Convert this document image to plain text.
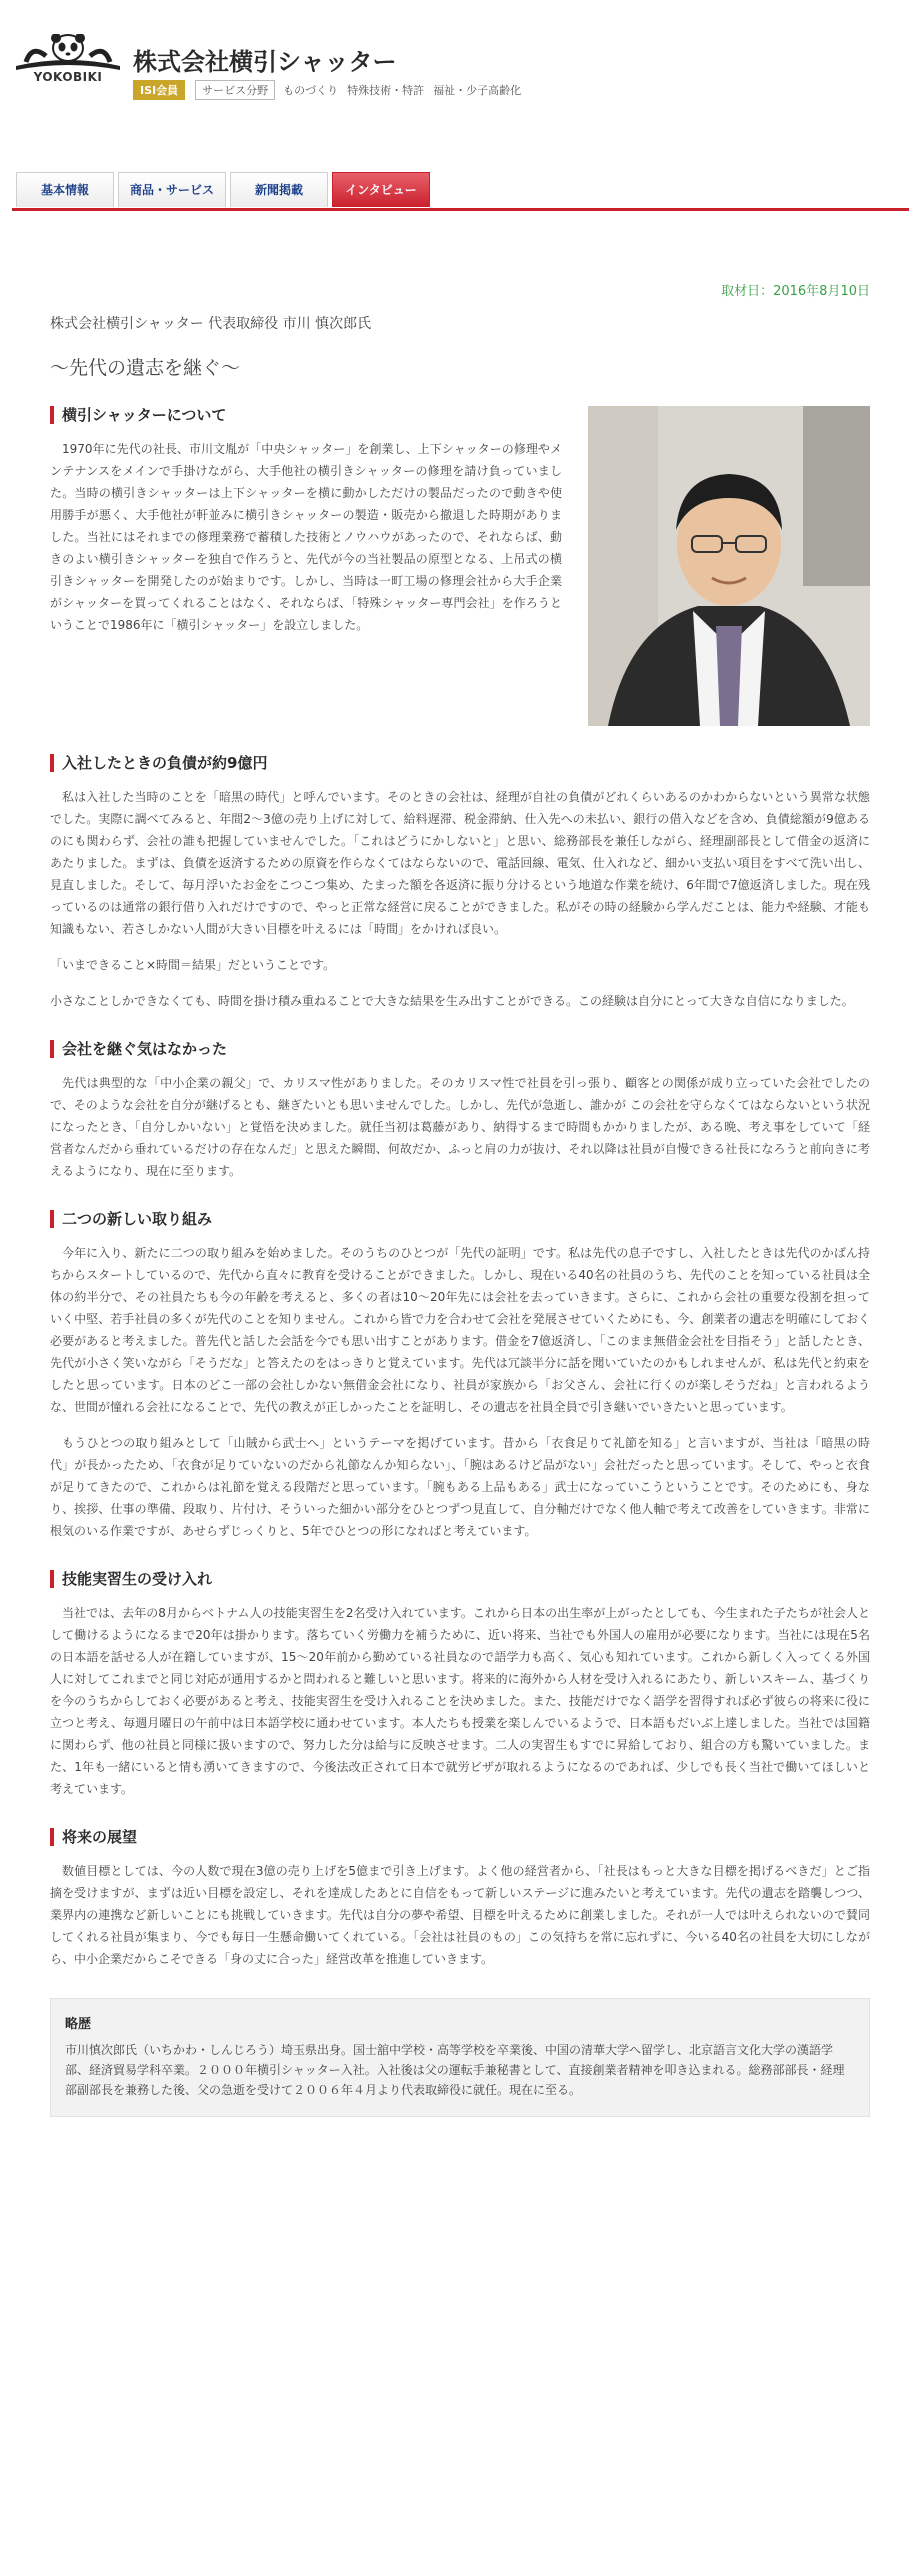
YOKOBIKI
株式会社横引シャッター
ISI会員	サービス分野	ものづくり 特殊技術・特許 福祉・少子高齢化
基本情報	商品・サービス	新聞掲載	インタビュー
取材日：2016年8月10日
株式会社横引シャッター 代表取締役 市川 慎次郎氏
～先代の遺志を継ぐ～
横引シャッターについて

1970年に先代の社長、市川文胤が「中央シャッター」を創業し、上下シャッターの修理やメンテナンスをメインで手掛けながら、大手他社の横引きシャッターの修理を請け負っていました。当時の横引きシャッターは上下シャッターを横に動かしただけの製品だったので動きや使用勝手が悪く、大手他社が軒並みに横引きシャッターの製造・販売から撤退した時期がありました。当社にはそれまでの修理業務で蓄積した技術とノウハウがあったので、それならば、動きのよい横引きシャッターを独自で作ろうと、先代が今の当社製品の原型となる、上吊式の横引きシャッターを開発したのが始まりです。しかし、当時は一町工場の修理会社から大手企業がシャッターを買ってくれることはなく、それならば、「特殊シャッター専門会社」を作ろうということで1986年に「横引シャッター」を設立しました。

入社したときの負債が約9億円

私は入社した当時のことを「暗黒の時代」と呼んでいます。そのときの会社は、経理が自社の負債がどれくらいあるのかわからないという異常な状態でした。実際に調べてみると、年間2～3億の売り上げに対して、給料遅滞、税金滞納、仕入先への未払い、銀行の借入などを含め、負債総額が9億あるのにも関わらず、会社の誰も把握していませんでした。「これはどうにかしないと」と思い、総務部長を兼任しながら、経理副部長として借金の返済にあたりました。まずは、負債を返済するための原資を作らなくてはならないので、電話回線、電気、仕入れなど、細かい支払い項目をすべて洗い出し、見直しました。そして、毎月浮いたお金をこつこつ集め、たまった額を各返済に振り分けるという地道な作業を続け、6年間で7億返済しました。現在残っているのは通常の銀行借り入れだけですので、やっと正常な経営に戻ることができました。私がその時の経験から学んだことは、能力や経験、才能も知識もない、若さしかない人間が大きい目標を叶えるには「時間」をかければ良い。

「いまできること×時間＝結果」だということです。

小さなことしかできなくても、時間を掛け積み重ねることで大きな結果を生み出すことができる。この経験は自分にとって大きな自信になりました。

会社を継ぐ気はなかった

先代は典型的な「中小企業の親父」で、カリスマ性がありました。そのカリスマ性で社員を引っ張り、顧客との関係が成り立っていた会社でしたので、そのような会社を自分が継げるとも、継ぎたいとも思いませんでした。しかし、先代が急逝し、誰かが この会社を守らなくてはならないという状況になったとき、「自分しかいない」と覚悟を決めました。就任当初は葛藤があり、納得するまで時間もかかりましたが、ある晩、考え事をしていて「経営者なんだから垂れているだけの存在なんだ」と思えた瞬間、何故だか、ふっと肩の力が抜け、それ以降は社員が自慢できる社長になろうと前向きに考えるようになり、現在に至ります。

二つの新しい取り組み

今年に入り、新たに二つの取り組みを始めました。そのうちのひとつが「先代の証明」です。私は先代の息子ですし、入社したときは先代のかばん持ちからスタートしているので、先代から直々に教育を受けることができました。しかし、現在いる40名の社員のうち、先代のことを知っている社員は全体の約半分で、その社員たちも今の年齢を考えると、多くの者は10～20年先には会社を去っていきます。さらに、これから会社の重要な役割を担っていく中堅、若手社員の多くが先代のことを知りません。これから皆で力を合わせて会社を発展させていくためにも、今、創業者の遺志を明確にしておく必要があると考えました。普先代と話した会話を今でも思い出すことがあります。借金を7億返済し、「このまま無借金会社を目指そう」と話したとき、先代が小さく笑いながら「そうだな」と答えたのをはっきりと覚えています。先代は冗談半分に話を聞いていたのかもしれませんが、私は先代と約束をしたと思っています。日本のどこ一部の会社しかない無借金会社になり、社員が家族から「お父さん、会社に行くのが楽しそうだね」と言われるような、世間が憧れる会社になることで、先代の教えが正しかったことを証明し、その遺志を社員全員で引き継いでいきたいと思っています。

もうひとつの取り組みとして「山賊から武士へ」というテーマを掲げています。昔から「衣食足りて礼節を知る」と言いますが、当社は「暗黒の時代」が長かったため、「衣食が足りていないのだから礼節なんか知らない」、「腕はあるけど品がない」会社だったと思っています。そして、やっと衣食が足りてきたので、これからは礼節を覚える段階だと思っています。「腕もある上品もある」武士になっていこうということです。そのためにも、身なり、挨拶、仕事の準備、段取り、片付け、そういった細かい部分をひとつずつ見直して、自分軸だけでなく他人軸で考えて改善をしていきます。非常に根気のいる作業ですが、あせらずじっくりと、5年でひとつの形になればと考えています。

技能実習生の受け入れ

当社では、去年の8月からベトナム人の技能実習生を2名受け入れています。これから日本の出生率が上がったとしても、今生まれた子たちが社会人として働けるようになるまで20年は掛かります。落ちていく労働力を補うために、近い将来、当社でも外国人の雇用が必要になります。当社には現在5名の日本語を話せる人が在籍していますが、15～20年前から勤めている社員なので語学力も高く、気心も知れています。これから新しく入ってくる外国人に対してこれまでと同じ対応が通用するかと問われると難しいと思います。将来的に海外から人材を受け入れるにあたり、新しいスキーム、基づくりを今のうちからしておく必要があると考え、技能実習生を受け入れることを決めました。また、技能だけでなく語学を習得すれば必ず彼らの将来に役に立つと考え、毎週月曜日の午前中は日本語学校に通わせています。本人たちも授業を楽しんでいるようで、日本語もだいぶ上達しました。当社では国籍に関わらず、他の社員と同様に扱いますので、努力した分は給与に反映させます。二人の実習生もすでに昇給しており、組合の方も驚いていました。また、1年も一緒にいると情も湧いてきますので、今後法改正されて日本で就労ビザが取れるようになるのであれば、少しでも長く当社で働いてほしいと考えています。

将来の展望

数値目標としては、今の人数で現在3億の売り上げを5億まで引き上げます。よく他の経営者から、「社長はもっと大きな目標を掲げるべきだ」とご指摘を受けますが、まずは近い目標を設定し、それを達成したあとに自信をもって新しいステージに進みたいと考えています。先代の遺志を踏襲しつつ、業界内の連携など新しいことにも挑戦していきます。先代は自分の夢や希望、目標を叶えるために創業しました。それが一人では叶えられないので賛同してくれる社員が集まり、今でも毎日一生懸命働いてくれている。「会社は社員のもの」この気持ちを常に忘れずに、今いる40名の社員を大切にしながら、中小企業だからこそできる「身の丈に合った」経営改革を推進していきます。

略歴

市川慎次郎氏（いちかわ・しんじろう）埼玉県出身。国士舘中学校・高等学校を卒業後、中国の清華大学へ留学し、北京語言文化大学の漢語学部、経済貿易学科卒業。２０００年横引シャッター入社。入社後は父の運転手兼秘書として、直接創業者精神を叩き込まれる。総務部部長・経理部副部長を兼務した後、父の急逝を受けて２００６年４月より代表取締役に就任。現在に至る。
